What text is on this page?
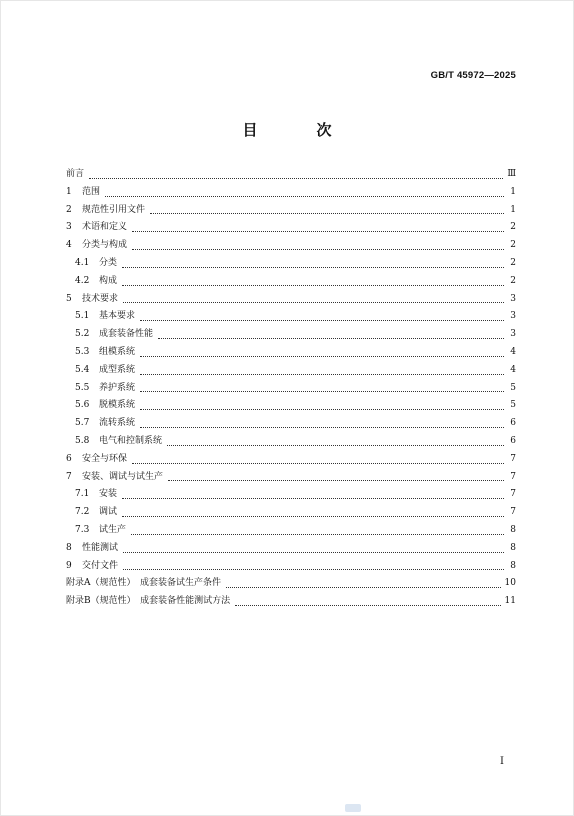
GB/T 45972—2025
目　次
前言	Ⅲ
1	范围	1
2	规范性引用文件	1
3	术语和定义	2
4	分类与构成	2
4.1	分类	2
4.2	构成	2
5	技术要求	3
5.1	基本要求	3
5.2	成套装备性能	3
5.3	组模系统	4
5.4	成型系统	4
5.5	养护系统	5
5.6	脱模系统	5
5.7	流转系统	6
5.8	电气和控制系统	6
6	安全与环保	7
7	安装、调试与试生产	7
7.1	安装	7
7.2	调试	7
7.3	试生产	8
8	性能测试	8
9	交付文件	8
附录A（规范性）　成套装备试生产条件	10
附录B（规范性）　成套装备性能测试方法	11
I
